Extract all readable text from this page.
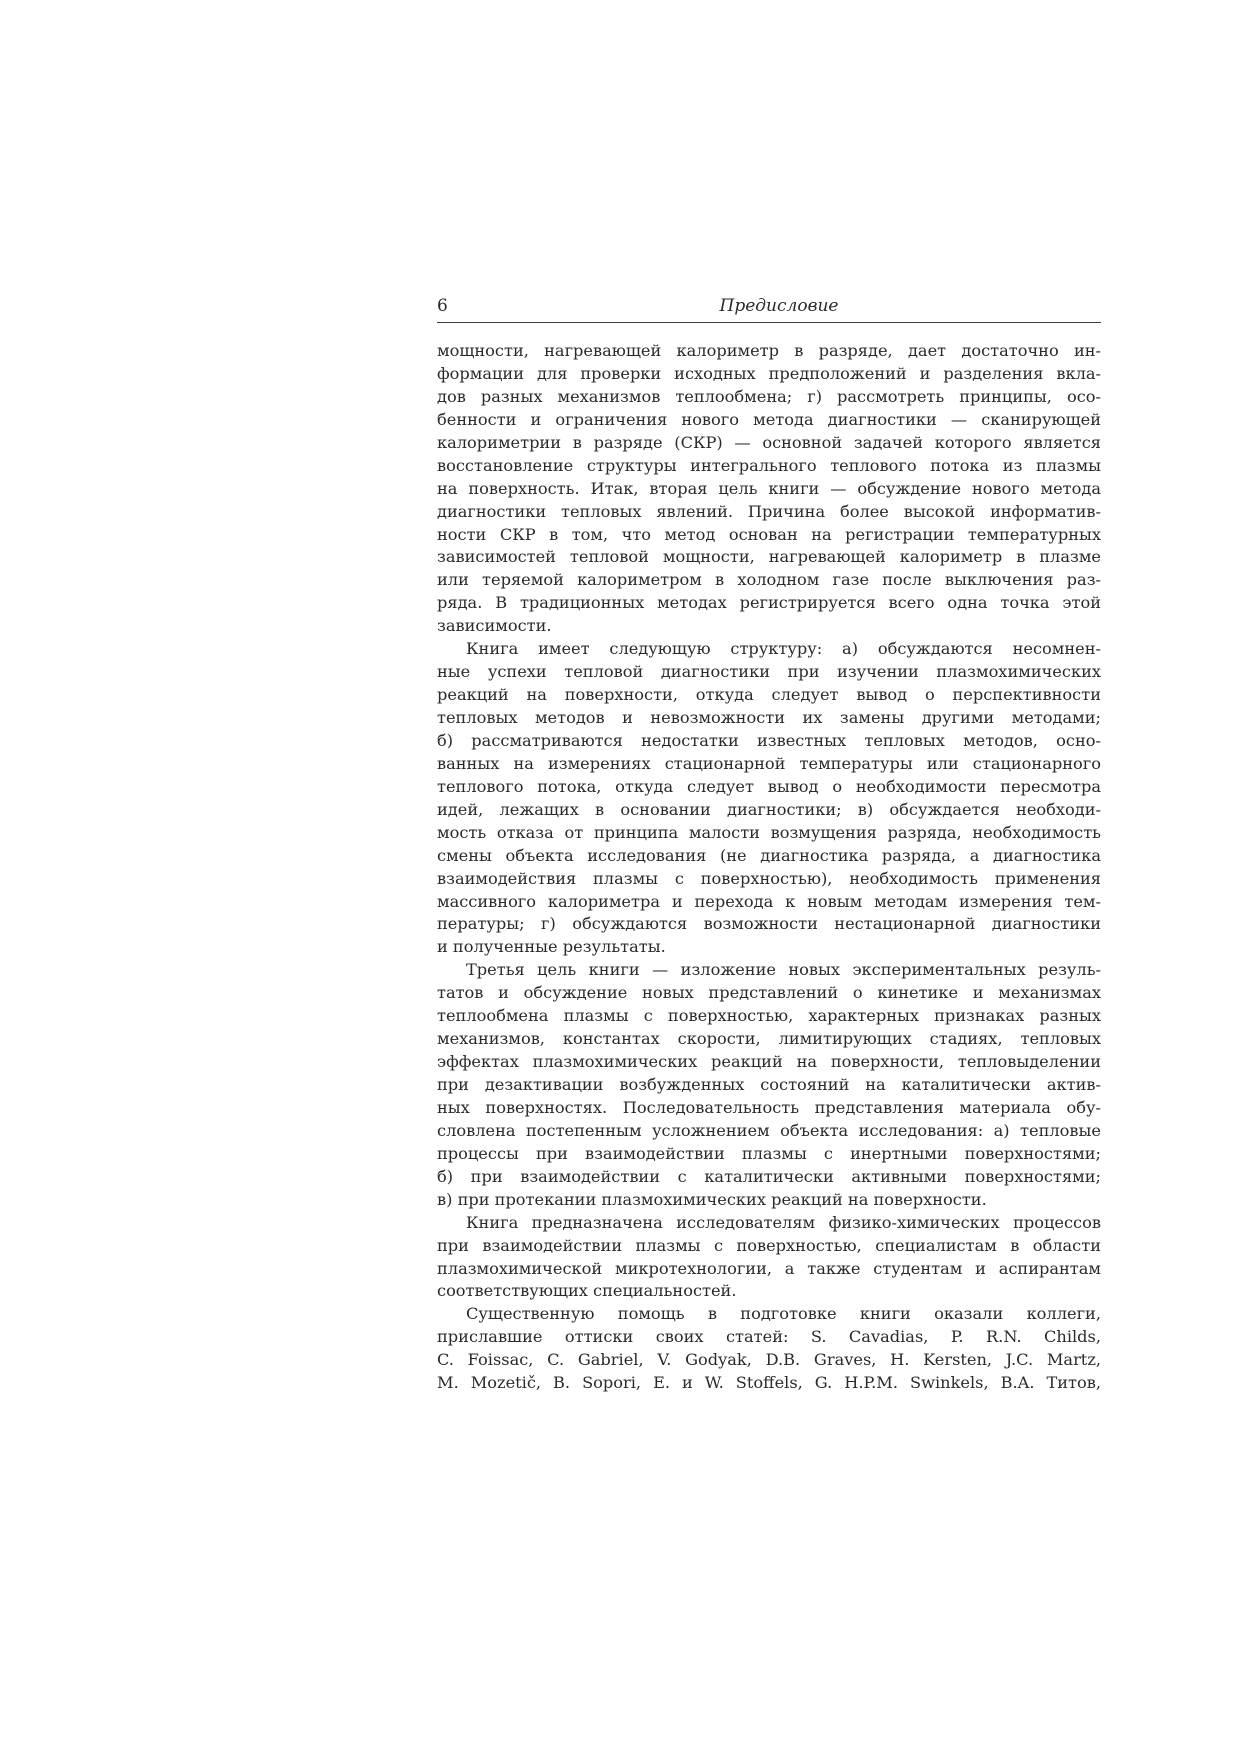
6	Предисловие
мощности, нагревающей калориметр в разряде, дает достаточно ин-
формации для проверки исходных предположений и разделения вкла-
дов разных механизмов теплообмена; г) рассмотреть принципы, осо-
бенности и ограничения нового метода диагностики — сканирующей
калориметрии в разряде (СКР) — основной задачей которого является
восстановление структуры интегрального теплового потока из плазмы
на поверхность. Итак, вторая цель книги — обсуждение нового метода
диагностики тепловых явлений. Причина более высокой информатив-
ности СКР в том, что метод основан на регистрации температурных
зависимостей тепловой мощности, нагревающей калориметр в плазме
или теряемой калориметром в холодном газе после выключения раз-
ряда. В традиционных методах регистрируется всего одна точка этой
зависимости.
Книга имеет следующую структуру: а) обсуждаются несомнен-
ные успехи тепловой диагностики при изучении плазмохимических
реакций на поверхности, откуда следует вывод о перспективности
тепловых методов и невозможности их замены другими методами;
б) рассматриваются недостатки известных тепловых методов, осно-
ванных на измерениях стационарной температуры или стационарного
теплового потока, откуда следует вывод о необходимости пересмотра
идей, лежащих в основании диагностики; в) обсуждается необходи-
мость отказа от принципа малости возмущения разряда, необходимость
смены объекта исследования (не диагностика разряда, а диагностика
взаимодействия плазмы с поверхностью), необходимость применения
массивного калориметра и перехода к новым методам измерения тем-
пературы; г) обсуждаются возможности нестационарной диагностики
и полученные результаты.
Третья цель книги — изложение новых экспериментальных резуль-
татов и обсуждение новых представлений о кинетике и механизмах
теплообмена плазмы с поверхностью, характерных признаках разных
механизмов, константах скорости, лимитирующих стадиях, тепловых
эффектах плазмохимических реакций на поверхности, тепловыделении
при дезактивации возбужденных состояний на каталитически актив-
ных поверхностях. Последовательность представления материала обу-
словлена постепенным усложнением объекта исследования: а) тепловые
процессы при взаимодействии плазмы с инертными поверхностями;
б) при взаимодействии с каталитически активными поверхностями;
в) при протекании плазмохимических реакций на поверхности.
Книга предназначена исследователям физико-химических процессов
при взаимодействии плазмы с поверхностью, специалистам в области
плазмохимической микротехнологии, а также студентам и аспирантам
соответствующих специальностей.
Существенную помощь в подготовке книги оказали коллеги,
приславшие оттиски своих статей: S. Cavadias, P. R.N. Childs,
C. Foissac, C. Gabriel, V. Godyak, D.B. Graves, H. Kersten, J.C. Martz,
M. Mozetič, B. Sopori, E. и W. Stoffels, G. H.P.M. Swinkels, B.A. Титов,
